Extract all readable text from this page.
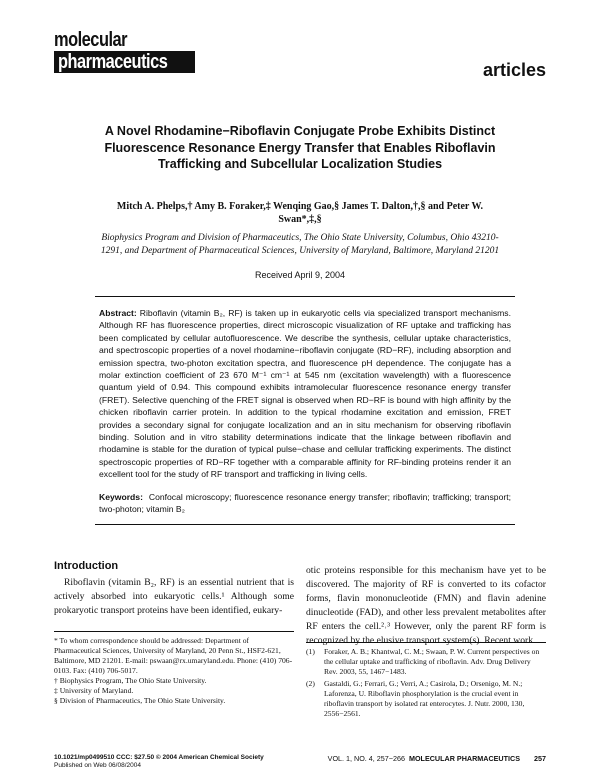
molecular
pharmaceutics	articles
A Novel Rhodamine−Riboflavin Conjugate Probe Exhibits Distinct Fluorescence Resonance Energy Transfer that Enables Riboflavin Trafficking and Subcellular Localization Studies
Mitch A. Phelps,† Amy B. Foraker,‡ Wenqing Gao,§ James T. Dalton,†,§ and Peter W. Swan*,‡,§
Biophysics Program and Division of Pharmaceutics, The Ohio State University, Columbus, Ohio 43210-1291, and Department of Pharmaceutical Sciences, University of Maryland, Baltimore, Maryland 21201
Received April 9, 2004

Abstract: Riboflavin (vitamin B₂, RF) is taken up in eukaryotic cells via specialized transport mechanisms. Although RF has fluorescence properties, direct microscopic visualization of RF uptake and trafficking has been complicated by cellular autofluorescence. We describe the synthesis, cellular uptake characteristics, and spectroscopic properties of a novel rhodamine−riboflavin conjugate (RD−RF), including absorption and emission spectra, two-photon excitation spectra, and fluorescence pH dependence. The conjugate has a molar extinction coefficient of 23 670 M⁻¹ cm⁻¹ at 545 nm (excitation wavelength) with a fluorescence quantum yield of 0.94. This compound exhibits intramolecular fluorescence resonance energy transfer (FRET). Selective quenching of the FRET signal is observed when RD−RF is bound with high affinity by the chicken riboflavin carrier protein. In addition to the typical rhodamine excitation and emission, FRET provides a secondary signal for conjugate localization and an in situ mechanism for observing riboflavin binding. Solution and in vitro stability determinations indicate that the linkage between riboflavin and rhodamine is stable for the duration of typical pulse−chase and cellular trafficking experiments. The distinct spectroscopic properties of RD−RF together with a comparable affinity for RF-binding proteins render it an excellent tool for the study of RF transport and trafficking in living cells.

Keywords: Confocal microscopy; fluorescence resonance energy transfer; riboflavin; trafficking; transport; two-photon; vitamin B₂

Introduction
Riboflavin (vitamin B₂, RF) is an essential nutrient that is actively absorbed into eukaryotic cells.¹ Although some prokaryotic transport proteins have been identified, eukary-
otic proteins responsible for this mechanism have yet to be discovered. The majority of RF is converted to its cofactor forms, flavin mononucleotide (FMN) and flavin adenine dinucleotide (FAD), and other less prevalent metabolites after RF enters the cell.²˒³ However, only the parent RF form is recognized by the elusive transport system(s). Recent work

* To whom correspondence should be addressed: Department of Pharmaceutical Sciences, University of Maryland, 20 Penn St., HSF2-621, Baltimore, MD 21201. E-mail: pswaan@rx.umaryland.edu. Phone: (410) 706-0103. Fax: (410) 706-5017.

† Biophysics Program, The Ohio State University.

‡ University of Maryland.

§ Division of Pharmaceutics, The Ohio State University.

(1)	Foraker, A. B.; Khantwal, C. M.; Swaan, P. W. Current perspectives on the cellular uptake and trafficking of riboflavin. Adv. Drug Delivery Rev. 2003, 55, 1467−1483.
(2)	Gastaldi, G.; Ferrari, G.; Verri, A.; Casirola, D.; Orsenigo, M. N.; Laforenza, U. Riboflavin phosphorylation is the crucial event in riboflavin transport by isolated rat enterocytes. J. Nutr. 2000, 130, 2556−2561.
10.1021/mp0499510 CCC: $27.50 © 2004 American Chemical Society
Published on Web 06/08/2004
VOL. 1, NO. 4, 257−266 MOLECULAR PHARMACEUTICS 257
